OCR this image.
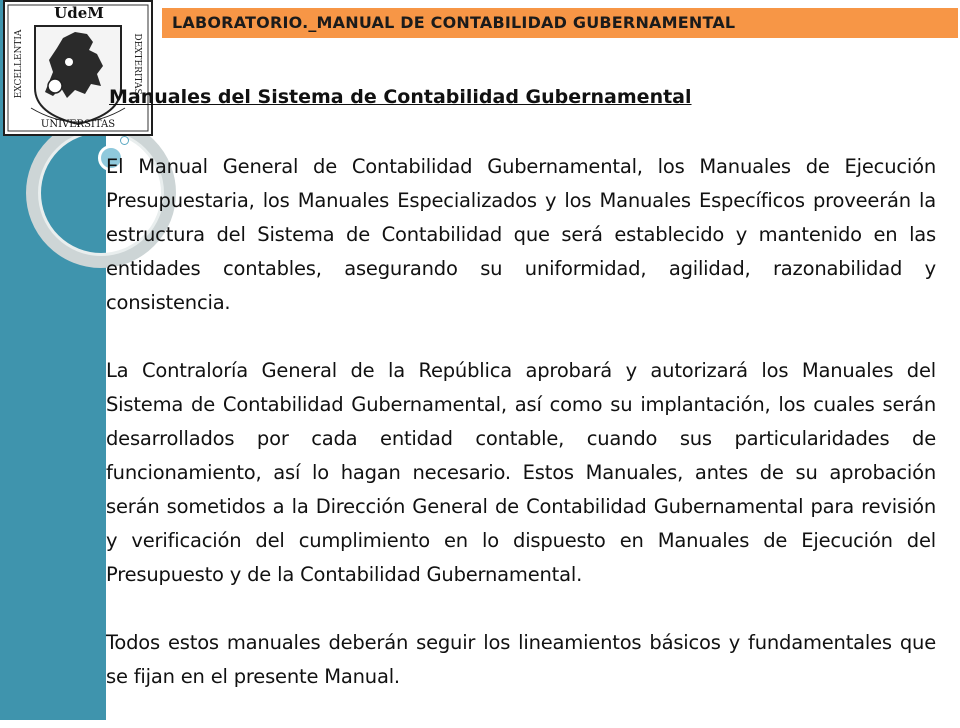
UdeM
EXCELLENTIA	DEXTERITAS
UNIVERSITAS
LABORATORIO._MANUAL DE CONTABILIDAD GUBERNAMENTAL
Manuales del Sistema de Contabilidad Gubernamental

El Manual General de Contabilidad Gubernamental, los Manuales de Ejecución Presupuestaria, los Manuales Especializados y los Manuales Específicos proveerán la estructura del Sistema de Contabilidad que será establecido y mantenido en las entidades contables, asegurando su uniformidad, agilidad, razonabilidad y consistencia.

La Contraloría General de la República aprobará y autorizará los Manuales del Sistema de Contabilidad Gubernamental, así como su implantación, los cuales serán desarrollados por cada entidad contable, cuando sus particularidades de funcionamiento, así lo hagan necesario. Estos Manuales, antes de su aprobación serán sometidos a la Dirección General de Contabilidad Gubernamental para revisión y verificación del cumplimiento en lo dispuesto en Manuales de Ejecución del Presupuesto y de la Contabilidad Gubernamental.

Todos estos manuales deberán seguir los lineamientos básicos y fundamentales que se fijan en el presente Manual.
